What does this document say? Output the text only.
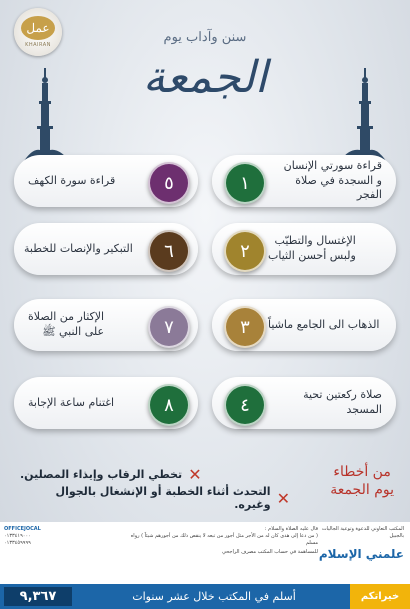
عمل
KHAIRAN	سنن وآداب يوم
الجمعة
١
قراءة سورتي الإنسان
و السجدة في صلاة الفجر
٢	الإغتسال والتطيّب
ولبس أحسن الثياب
٣	الذهاب الى الجامع ماشياً
٤	صلاة ركعتين تحية المسجد
٥
قراءة سورة الكهف
٦
التبكير والإنصات للخطبة
٧
الإكثار من الصلاة
على النبي ﷺ
٨
اغتنام ساعة الإجابة
من أخطاء
يوم الجمعة
✕
تخطي الرقاب وإيذاء المصلين.
✕
التحدث أثناء الخطبة أو الإنشغال بالجوال وغيره.
المكتب التعاوني للدعوة وتوعية الجاليات بالجبيل
علمني الإسلام
قال عليه الصلاة والسلام :
( من دعا إلى هدى كان له من الأجر مثل أجور من تبعه لا ينقص ذلك من أجورهم شيئاً ) رواه مسلم
للمساهمة في حساب المكتب مصرف الراجحي
OFFICEJOCAL
٠١٣٣٤١٩٠٠٠
٠١٣٣٤٥٩٩٩٩
٩,٣٦٧	أسلم في المكتب خلال عشر سنوات	خيراتكم
